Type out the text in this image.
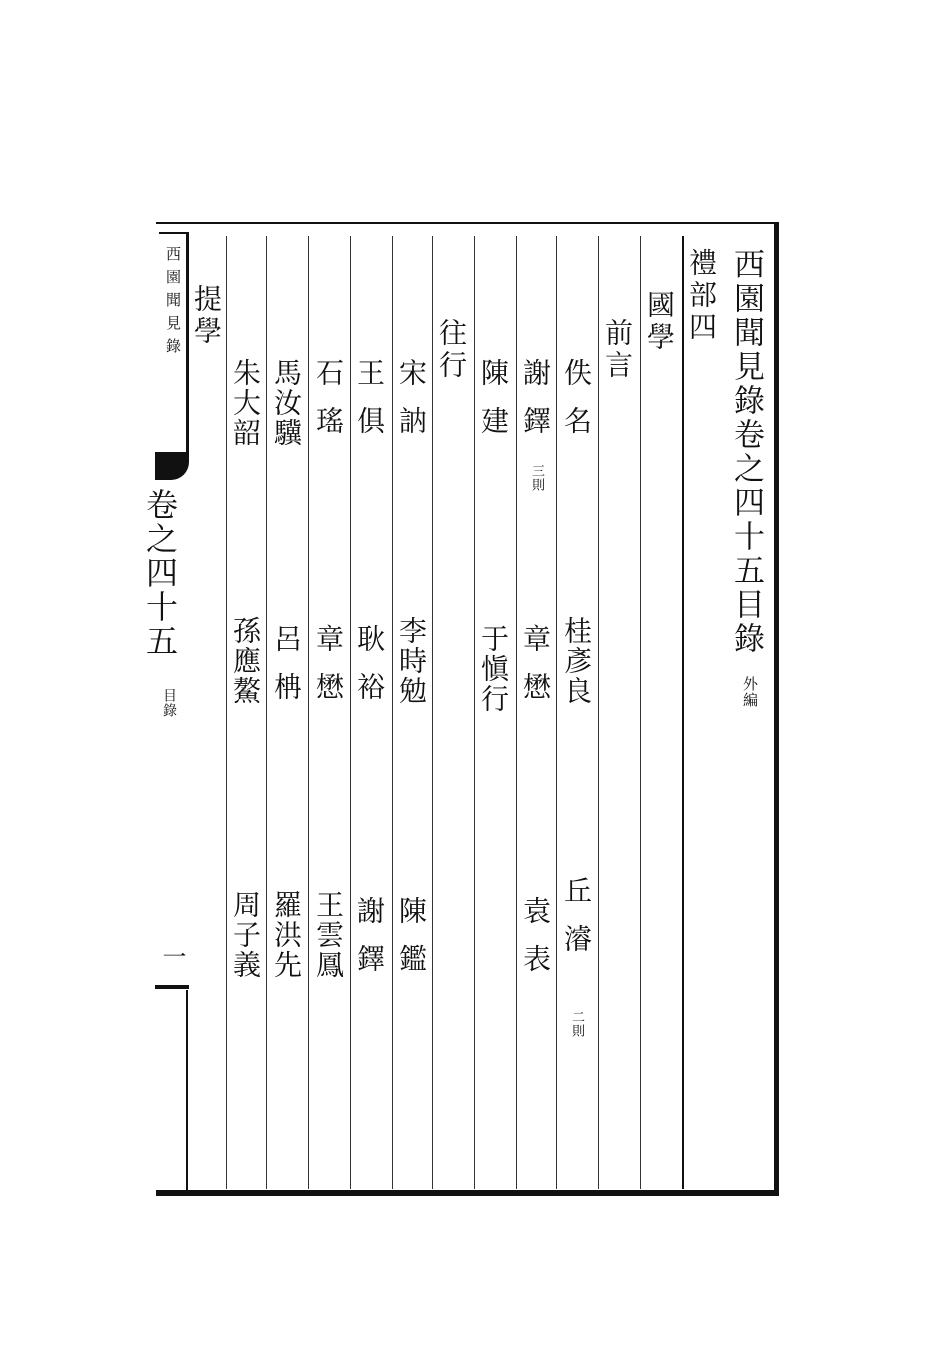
西園聞見錄卷之四十五目錄
外編
禮部四
國學
前言
佚名
桂彥良
丘濬
二則
謝鐸
三則
章懋
袁表
陳建
于愼行
往行
宋訥
李時勉
陳鑑
王俱
耿裕
謝鐸
石瑤
章懋
王雲鳳
馬汝驥
呂柟
羅洪先
朱大韶
孫應鰲
周子義
提學
西園聞見錄
卷之四十五
目錄
一
